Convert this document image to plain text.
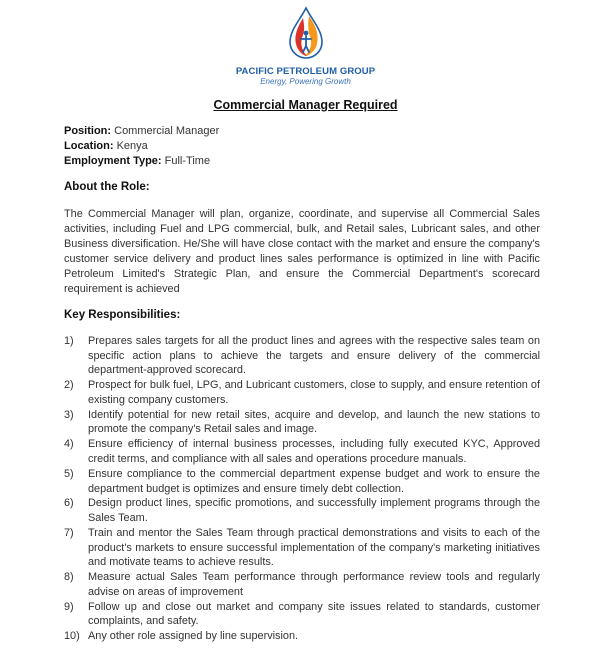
PACIFIC PETROLEUM GROUP
Energy, Powering Growth
Commercial Manager Required
Position: Commercial Manager
Location: Kenya
Employment Type: Full-Time
About the Role:
The Commercial Manager will plan, organize, coordinate, and supervise all Commercial Sales activities, including Fuel and LPG commercial, bulk, and Retail sales, Lubricant sales, and other Business diversification. He/She will have close contact with the market and ensure the company's customer service delivery and product lines sales performance is optimized in line with Pacific Petroleum Limited's Strategic Plan, and ensure the Commercial Department's scorecard requirement is achieved
Key Responsibilities:
1) Prepares sales targets for all the product lines and agrees with the respective sales team on specific action plans to achieve the targets and ensure delivery of the commercial department-approved scorecard.
2) Prospect for bulk fuel, LPG, and Lubricant customers, close to supply, and ensure retention of existing company customers.
3) Identify potential for new retail sites, acquire and develop, and launch the new stations to promote the company's Retail sales and image.
4) Ensure efficiency of internal business processes, including fully executed KYC, Approved credit terms, and compliance with all sales and operations procedure manuals.
5) Ensure compliance to the commercial department expense budget and work to ensure the department budget is optimizes and ensure timely debt collection.
6) Design product lines, specific promotions, and successfully implement programs through the Sales Team.
7) Train and mentor the Sales Team through practical demonstrations and visits to each of the product's markets to ensure successful implementation of the company's marketing initiatives and motivate teams to achieve results.
8) Measure actual Sales Team performance through performance review tools and regularly advise on areas of improvement
9) Follow up and close out market and company site issues related to standards, customer complaints, and safety.
10) Any other role assigned by line supervision.
